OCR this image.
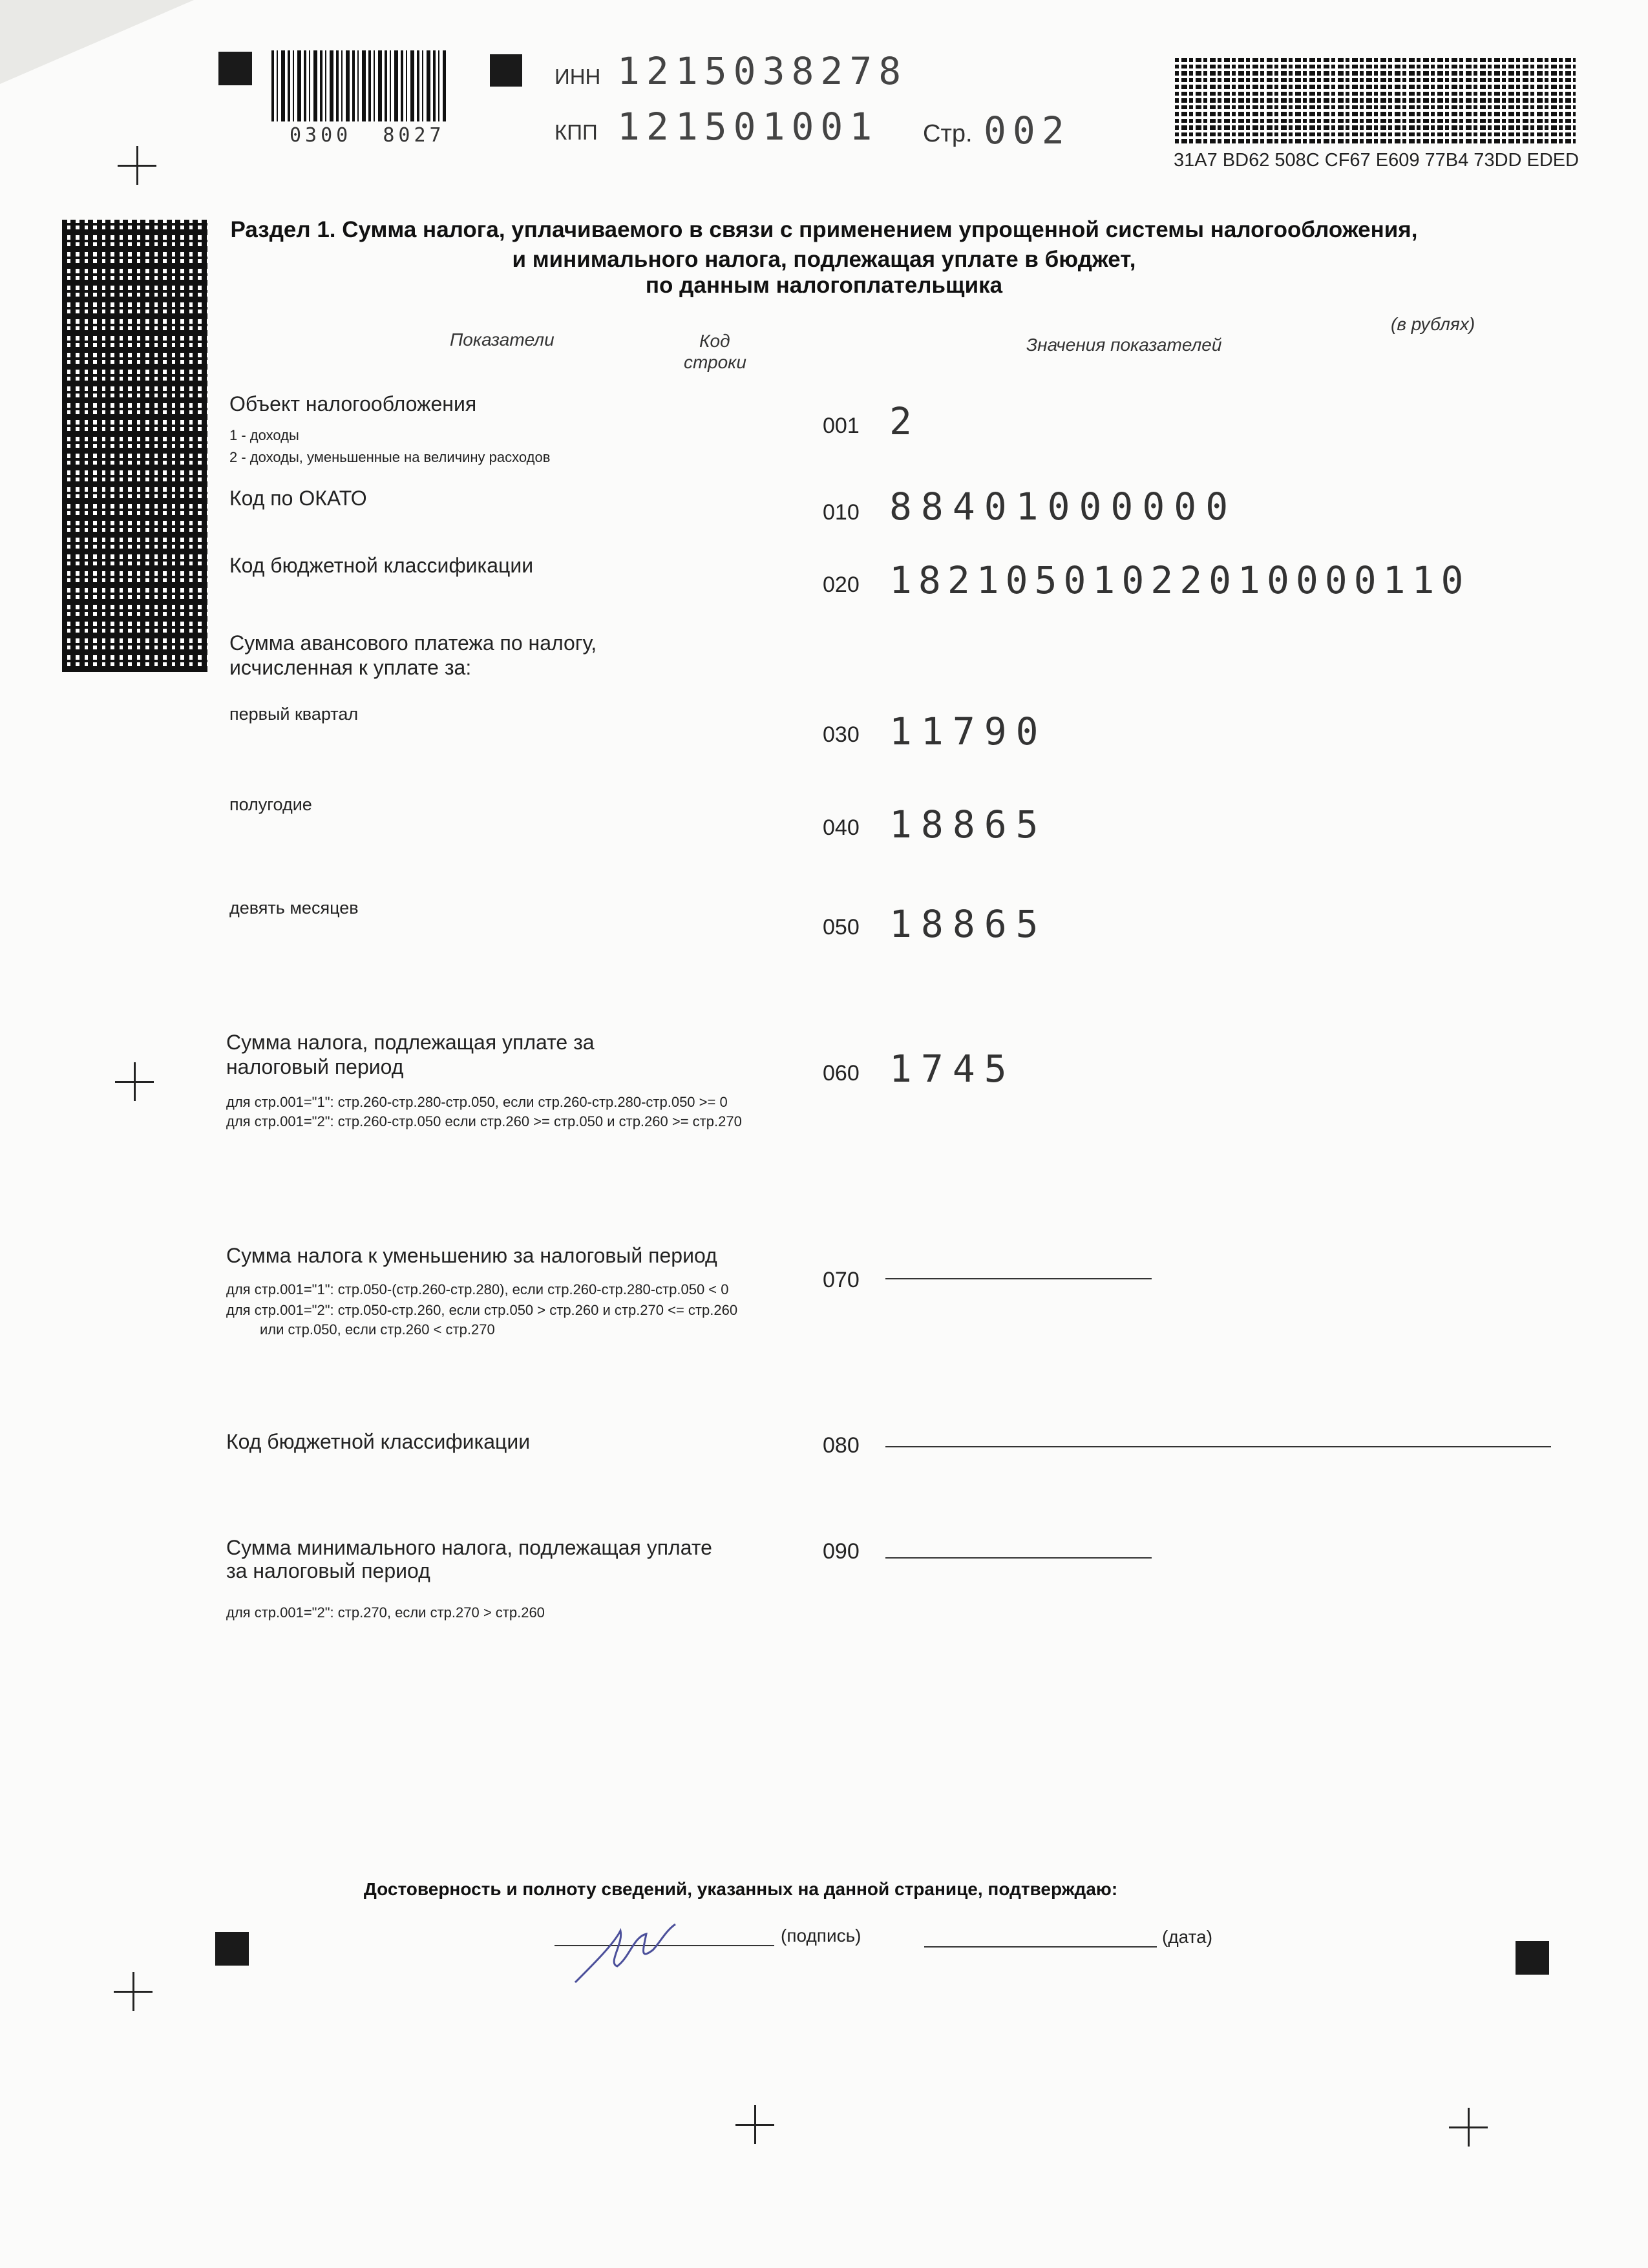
0300  8027
ИНН 1215038278
КПП 121501001 Стр. 002
31A7 BD62 508C CF67 E609 77B4 73DD EDED
Раздел 1. Сумма налога, уплачиваемого в связи с применением упрощенной системы налогообложения,
и минимального налога, подлежащая уплате в бюджет,
по данным налогоплательщика
(в рублях)
Показатели	Код
строки
Значения показателей
Объект налогообложения
1 - доходы
2 - доходы, уменьшенные на величину расходов
001 2
Код по ОКАТО
010 88401000000
Код бюджетной классификации
020 18210501022010000110
Сумма авансового платежа по налогу,
исчисленная к уплате за:
первый квартал
030 11790
полугодие
040 18865
девять месяцев
050 18865
Сумма налога, подлежащая уплате за
налоговый период
для стр.001="1": стр.260-стр.280-стр.050, если стр.260-стр.280-стр.050 >= 0
для стр.001="2": стр.260-стр.050 если стр.260 >= стр.050 и стр.260 >= стр.270
060 1745
Сумма налога к уменьшению за налоговый период
для стр.001="1": стр.050-(стр.260-стр.280), если стр.260-стр.280-стр.050 < 0
для стр.001="2": стр.050-стр.260, если стр.050 > стр.260 и стр.270 <= стр.260
или стр.050, если стр.260 < стр.270
070
Код бюджетной классификации	080
Сумма минимального налога, подлежащая уплате
за налоговый период
для стр.001="2": стр.270, если стр.270 > стр.260
090
Достоверность и полноту сведений, указанных на данной странице, подтверждаю:
(подпись)	(дата)
